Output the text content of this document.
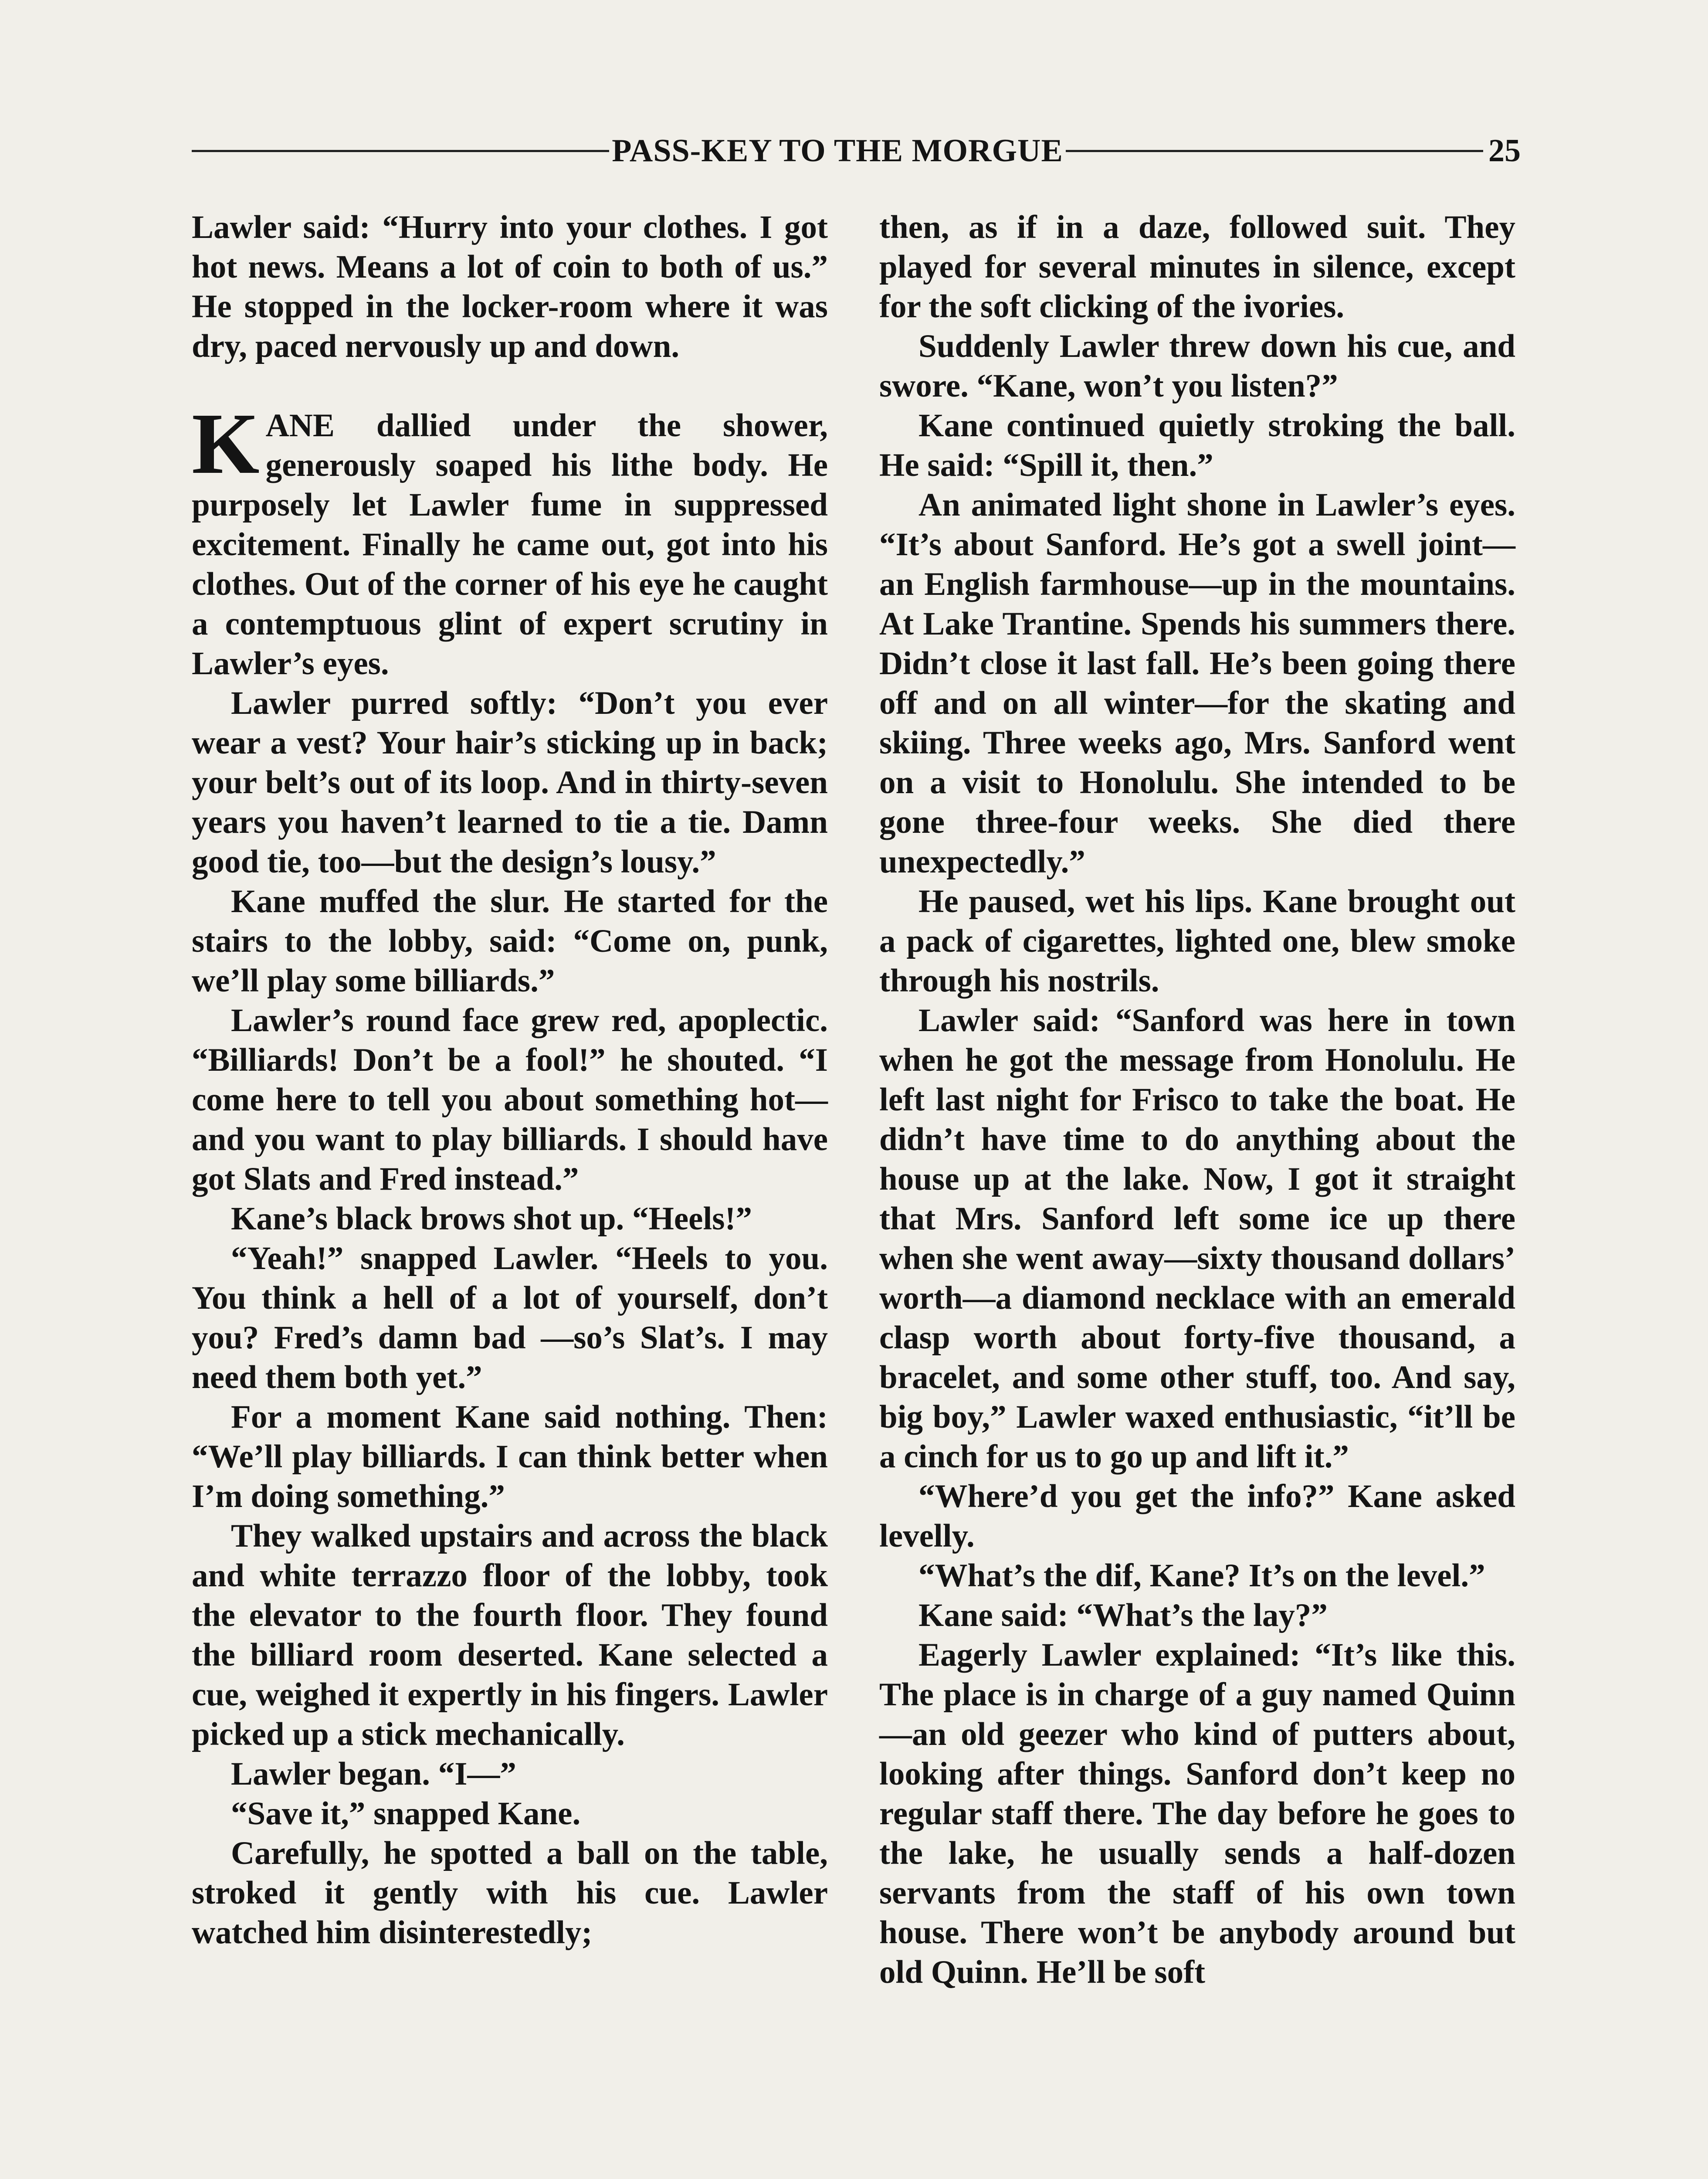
PASS-KEY TO THE MORGUE	25

Lawler said: “Hurry into your clothes. I got hot news. Means a lot of coin to both of us.” He stopped in the locker-room where it was dry, paced nervously up and down.

KANE dallied under the shower, generously soaped his lithe body. He purposely let Lawler fume in suppressed excitement. Finally he came out, got into his clothes. Out of the corner of his eye he caught a contemptuous glint of expert scrutiny in Lawler’s eyes.

Lawler purred softly: “Don’t you ever wear a vest? Your hair’s sticking up in back; your belt’s out of its loop. And in thirty-seven years you haven’t learned to tie a tie. Damn good tie, too—but the design’s lousy.”

Kane muffed the slur. He started for the stairs to the lobby, said: “Come on, punk, we’ll play some billiards.”

Lawler’s round face grew red, apoplectic. “Billiards! Don’t be a fool!” he shouted. “I come here to tell you about something hot—and you want to play billiards. I should have got Slats and Fred instead.”

Kane’s black brows shot up. “Heels!”

“Yeah!” snapped Lawler. “Heels to you. You think a hell of a lot of yourself, don’t you? Fred’s damn bad —so’s Slat’s. I may need them both yet.”

For a moment Kane said nothing. Then: “We’ll play billiards. I can think better when I’m doing something.”

They walked upstairs and across the black and white terrazzo floor of the lobby, took the elevator to the fourth floor. They found the billiard room deserted. Kane selected a cue, weighed it expertly in his fingers. Lawler picked up a stick mechanically.

Lawler began. “I—”

“Save it,” snapped Kane.

Carefully, he spotted a ball on the table, stroked it gently with his cue. Lawler watched him disinterestedly;

then, as if in a daze, followed suit. They played for several minutes in silence, except for the soft clicking of the ivories.

Suddenly Lawler threw down his cue, and swore. “Kane, won’t you listen?”

Kane continued quietly stroking the ball. He said: “Spill it, then.”

An animated light shone in Lawler’s eyes. “It’s about Sanford. He’s got a swell joint—an English farmhouse—up in the mountains. At Lake Trantine. Spends his summers there. Didn’t close it last fall. He’s been going there off and on all winter—for the skating and skiing. Three weeks ago, Mrs. Sanford went on a visit to Honolulu. She intended to be gone three-four weeks. She died there unexpectedly.”

He paused, wet his lips. Kane brought out a pack of cigarettes, lighted one, blew smoke through his nostrils.

Lawler said: “Sanford was here in town when he got the message from Honolulu. He left last night for Frisco to take the boat. He didn’t have time to do anything about the house up at the lake. Now, I got it straight that Mrs. Sanford left some ice up there when she went away—sixty thousand dollars’ worth—a diamond necklace with an emerald clasp worth about forty-five thousand, a bracelet, and some other stuff, too. And say, big boy,” Lawler waxed enthusiastic, “it’ll be a cinch for us to go up and lift it.”

“Where’d you get the info?” Kane asked levelly.

“What’s the dif, Kane? It’s on the level.”

Kane said: “What’s the lay?”

Eagerly Lawler explained: “It’s like this. The place is in charge of a guy named Quinn—an old geezer who kind of putters about, looking after things. Sanford don’t keep no regular staff there. The day before he goes to the lake, he usually sends a half-dozen servants from the staff of his own town house. There won’t be anybody around but old Quinn. He’ll be soft
